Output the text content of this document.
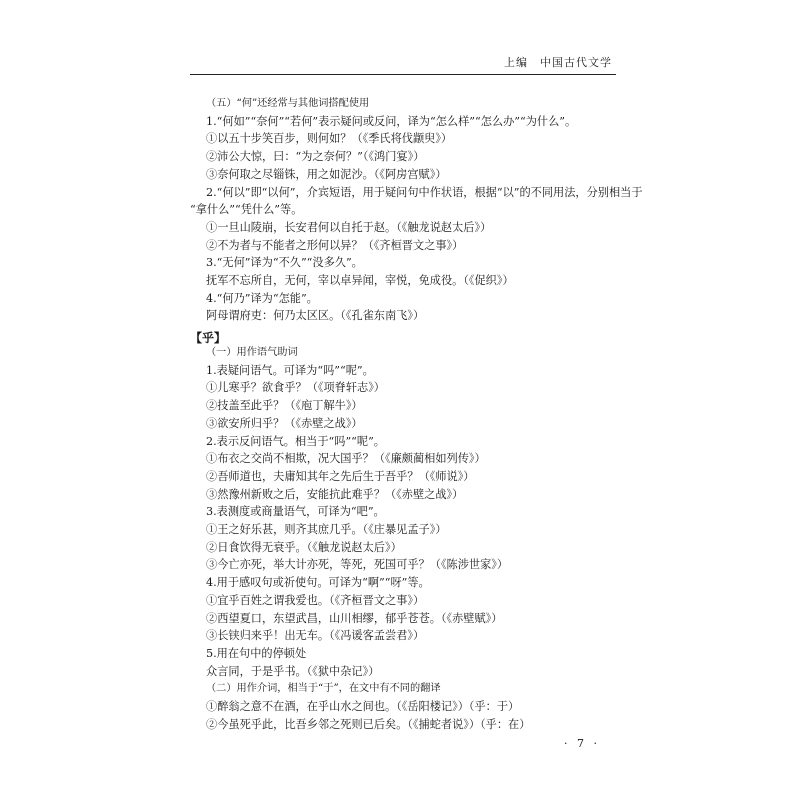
上编　中国古代文学
（五）“何”还经常与其他词搭配使用
1.“何如”“奈何”“若何”表示疑问或反问，译为“怎么样”“怎么办”“为什么”。
①以五十步笑百步，则何如？（《季氏将伐颛臾》）
②沛公大惊，曰：“为之奈何？”（《鸿门宴》）
③奈何取之尽锱铢，用之如泥沙。（《阿房宫赋》）
2.“何以”即“以何”，介宾短语，用于疑问句中作状语，根据“以”的不同用法，分别相当于
“拿什么”“凭什么”等。
①一旦山陵崩，长安君何以自托于赵。（《触龙说赵太后》）
②不为者与不能者之形何以异？（《齐桓晋文之事》）
3.“无何”译为“不久”“没多久”。
抚军不忘所自，无何，宰以卓异闻，宰悦，免成役。（《促织》）
4.“何乃”译为“怎能”。
阿母谓府吏：何乃太区区。（《孔雀东南飞》）
【乎】
（一）用作语气助词
1.表疑问语气。可译为“吗”“呢”。
①儿寒乎？欲食乎？（《项脊轩志》）
②技盖至此乎？（《庖丁解牛》）
③欲安所归乎？（《赤壁之战》）
2.表示反问语气。相当于“吗”“呢”。
①布衣之交尚不相欺，况大国乎？（《廉颇蔺相如列传》）
②吾师道也，夫庸知其年之先后生于吾乎？（《师说》）
③然豫州新败之后，安能抗此难乎？（《赤壁之战》）
3.表测度或商量语气，可译为“吧”。
①王之好乐甚，则齐其庶几乎。（《庄暴见孟子》）
②日食饮得无衰乎。（《触龙说赵太后》）
③今亡亦死，举大计亦死，等死，死国可乎？（《陈涉世家》）
4.用于感叹句或祈使句。可译为“啊”“呀”等。
①宜乎百姓之谓我爱也。（《齐桓晋文之事》）
②西望夏口，东望武昌，山川相缪，郁乎苍苍。（《赤壁赋》）
③长铗归来乎！出无车。（《冯谖客孟尝君》）
5.用在句中的停顿处
众言同，于是乎书。（《狱中杂记》）
（二）用作介词，相当于“于”，在文中有不同的翻译
①醉翁之意不在酒，在乎山水之间也。（《岳阳楼记》）（乎：于）
②今虽死乎此，比吾乡邻之死则已后矣。（《捕蛇者说》）（乎：在）
· 7 ·
